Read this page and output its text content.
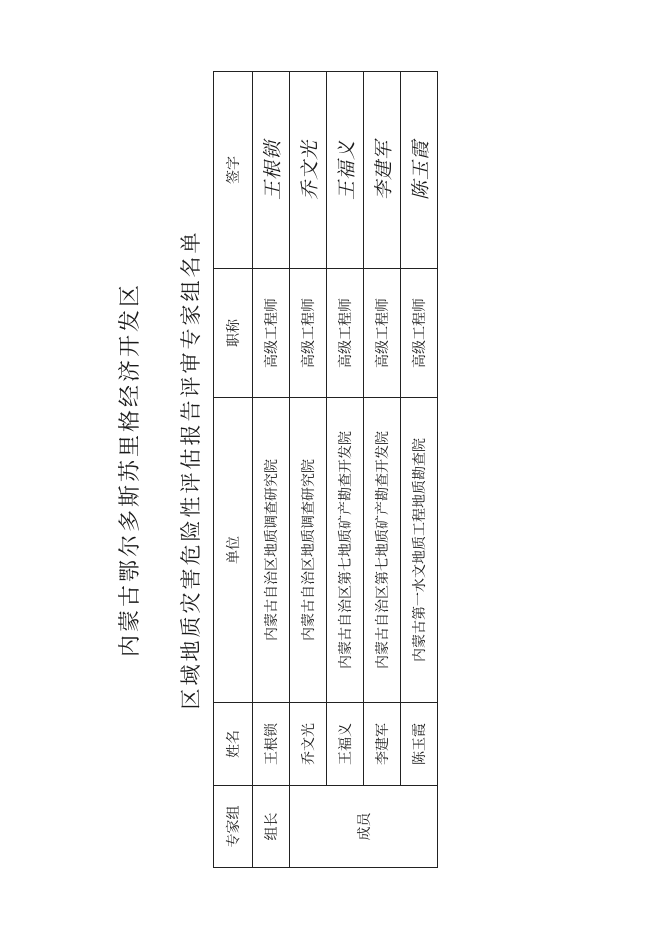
内蒙古鄂尔多斯苏里格经济开发区 区域地质灾害危险性评估报告评审专家组名单
专家组	姓名	单位	职称	签字
组长	王根锁	内蒙古自治区地质调查研究院	高级工程师	王根锁
成员	乔文光	内蒙古自治区地质调查研究院	高级工程师	乔文光
	王福义	内蒙古自治区第七地质矿产勘查开发院	高级工程师	王福义
	李建军	内蒙古自治区第七地质矿产勘查开发院	高级工程师	李建军
	陈玉霞	内蒙古第一水文地质工程地质勘查院	高级工程师	陈玉霞
